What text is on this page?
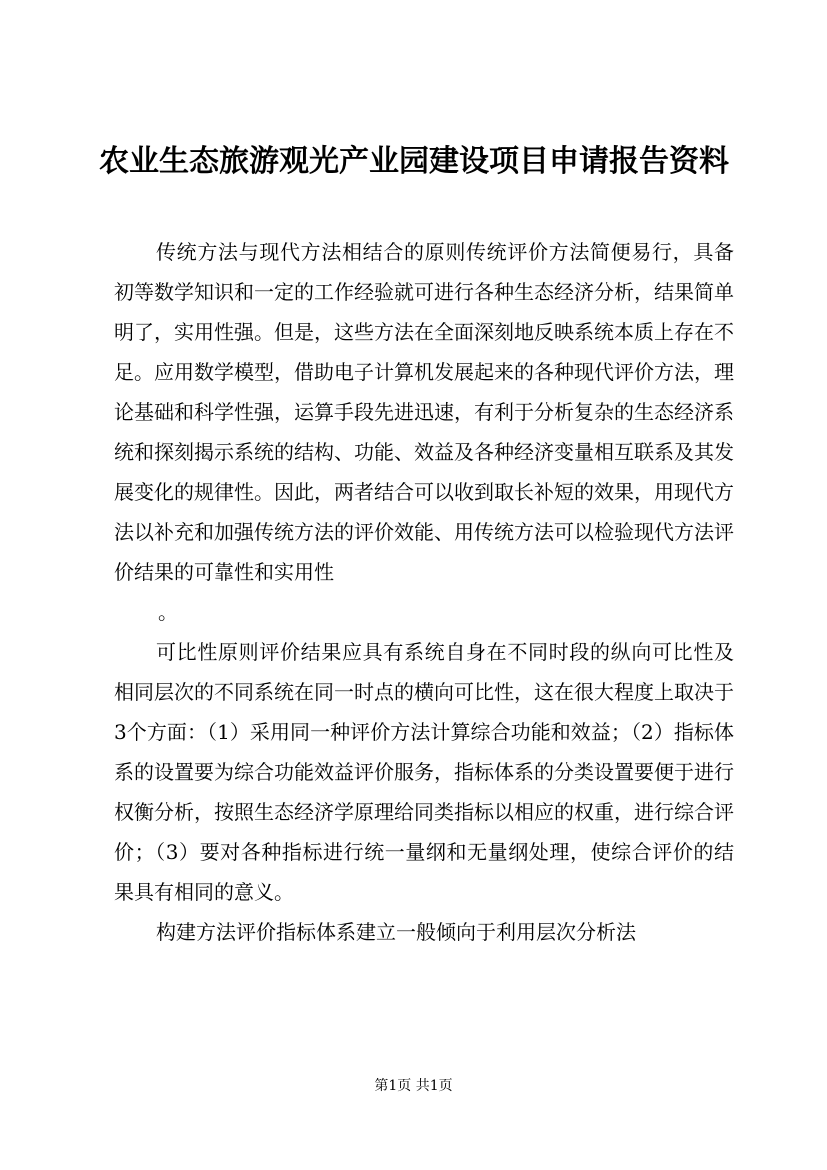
农业生态旅游观光产业园建设项目申请报告资料

传统方法与现代方法相结合的原则传统评价方法简便易行，具备初等数学知识和一定的工作经验就可进行各种生态经济分析，结果简单明了，实用性强。但是，这些方法在全面深刻地反映系统本质上存在不足。应用数学模型，借助电子计算机发展起来的各种现代评价方法，理论基础和科学性强，运算手段先进迅速，有利于分析复杂的生态经济系统和探刻揭示系统的结构、功能、效益及各种经济变量相互联系及其发展变化的规律性。因此，两者结合可以收到取长补短的效果，用现代方法以补充和加强传统方法的评价效能、用传统方法可以检验现代方法评价结果的可靠性和实用性

。

可比性原则评价结果应具有系统自身在不同时段的纵向可比性及相同层次的不同系统在同一时点的横向可比性，这在很大程度上取决于3个方面：（1）采用同一种评价方法计算综合功能和效益；（2）指标体系的设置要为综合功能效益评价服务，指标体系的分类设置要便于进行权衡分析，按照生态经济学原理给同类指标以相应的权重，进行综合评价；（3）要对各种指标进行统一量纲和无量纲处理，使综合评价的结果具有相同的意义。

构建方法评价指标体系建立一般倾向于利用层次分析法

第1页 共1页
